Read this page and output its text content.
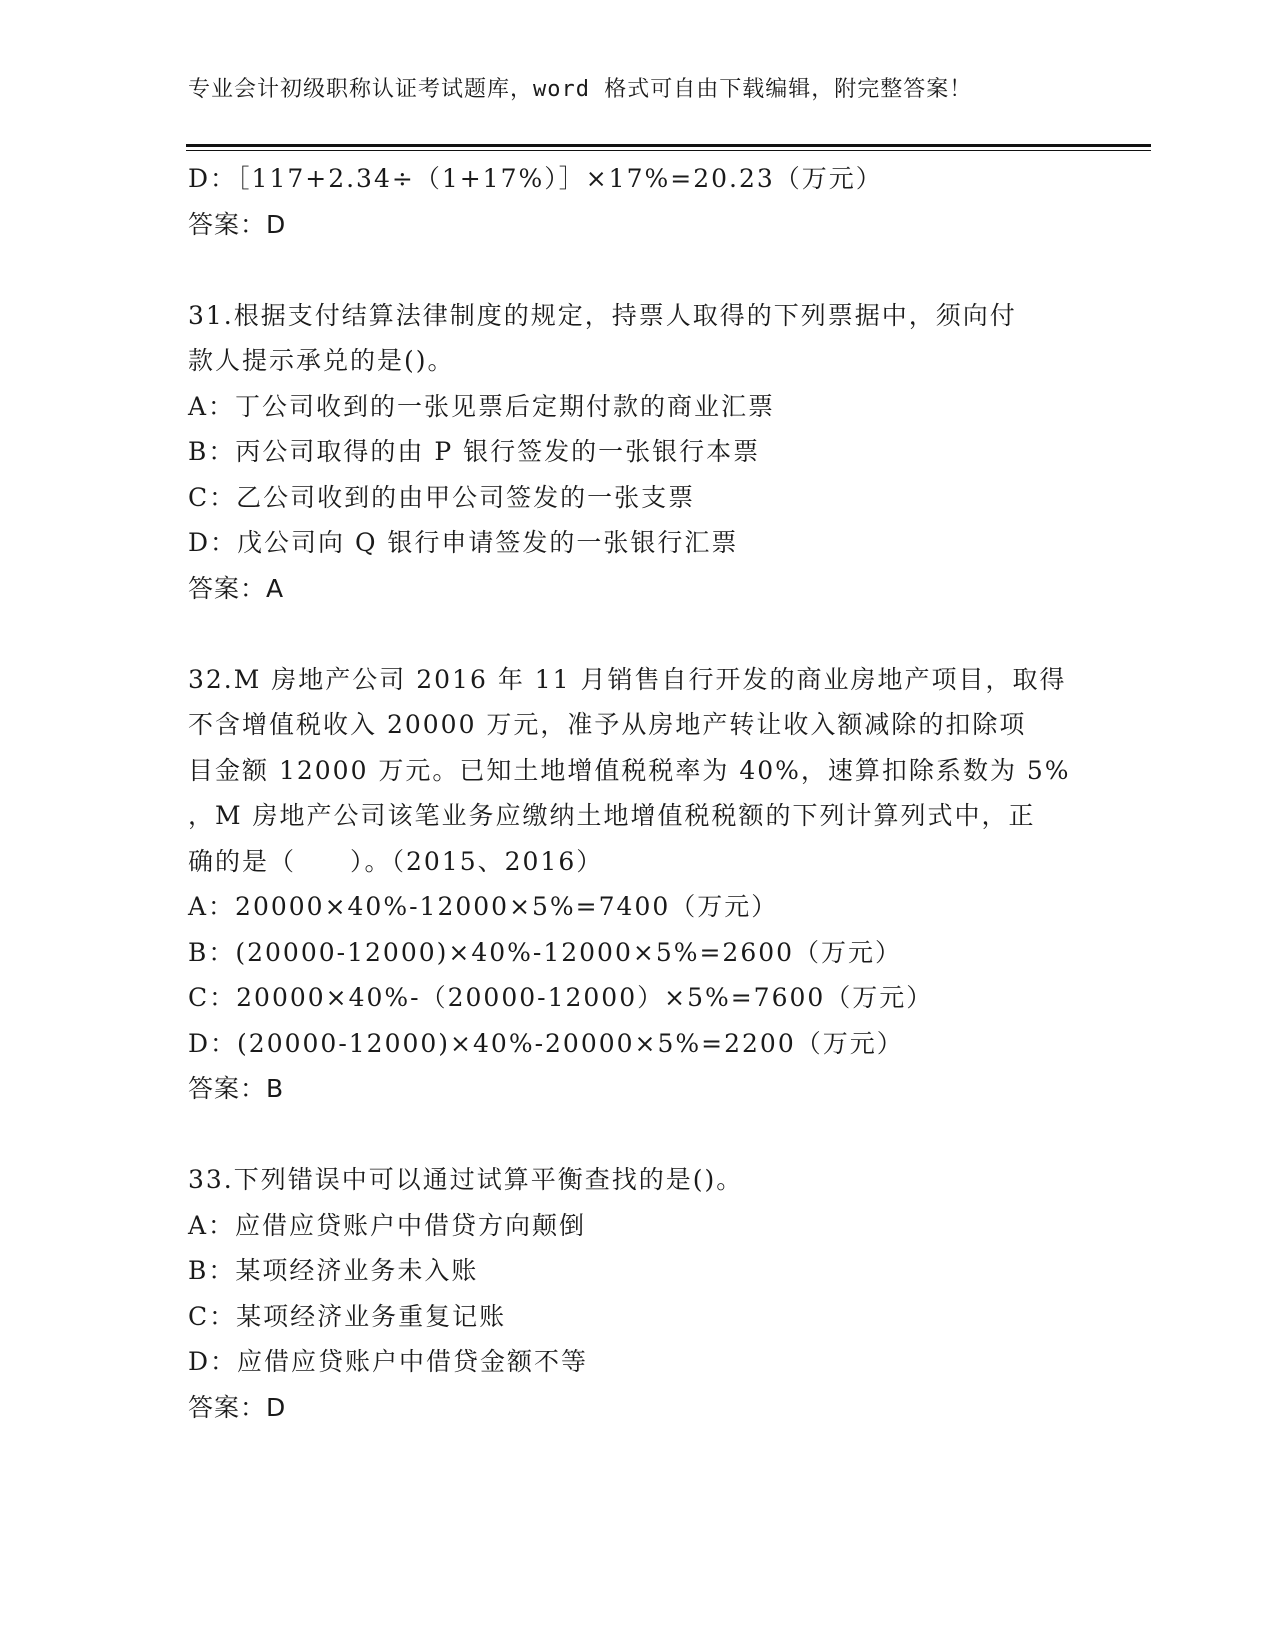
专业会计初级职称认证考试题库，word 格式可自由下载编辑，附完整答案！
D：［117+2.34÷（1+17%）］×17%=20.23（万元）
答案：D
31.根据支付结算法律制度的规定，持票人取得的下列票据中，须向付
款人提示承兑的是()。
A：丁公司收到的一张见票后定期付款的商业汇票
B：丙公司取得的由 P 银行签发的一张银行本票
C：乙公司收到的由甲公司签发的一张支票
D：戊公司向 Q 银行申请签发的一张银行汇票
答案：A
32.M 房地产公司 2016 年 11 月销售自行开发的商业房地产项目，取得
不含增值税收入 20000 万元，准予从房地产转让收入额减除的扣除项
目金额 12000 万元。已知土地增值税税率为 40%，速算扣除系数为 5%
，M 房地产公司该笔业务应缴纳土地增值税税额的下列计算列式中，正
确的是（　　）。（2015、2016）
A：20000×40%-12000×5%=7400（万元）
B：(20000-12000)×40%-12000×5%=2600（万元）
C：20000×40%-（20000-12000）×5%=7600（万元）
D：(20000-12000)×40%-20000×5%=2200（万元）
答案：B
33.下列错误中可以通过试算平衡查找的是()。
A：应借应贷账户中借贷方向颠倒
B：某项经济业务未入账
C：某项经济业务重复记账
D：应借应贷账户中借贷金额不等
答案：D
